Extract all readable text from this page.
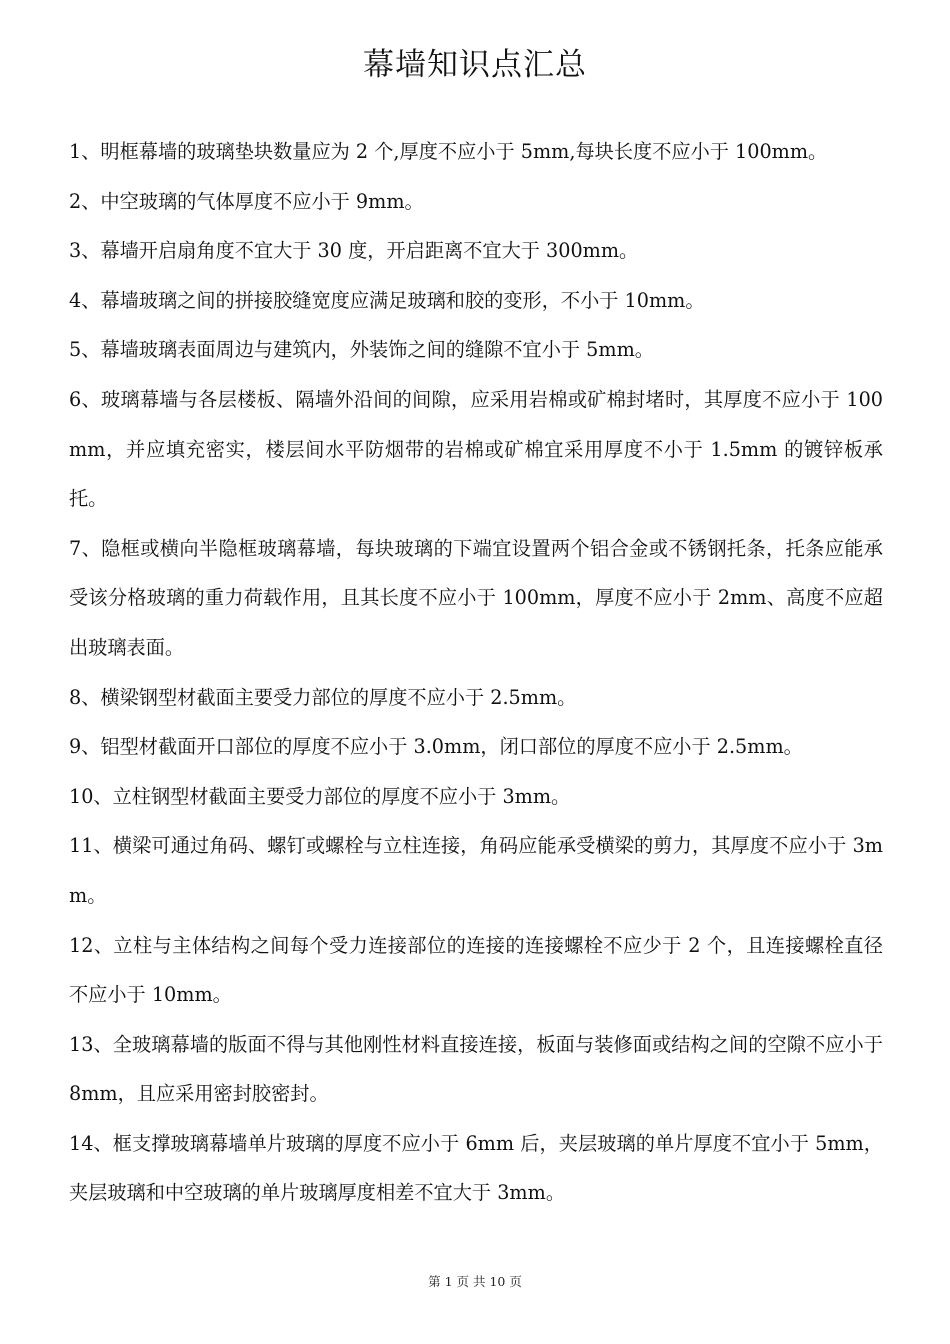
幕墙知识点汇总

1、明框幕墙的玻璃垫块数量应为 2 个,厚度不应小于 5mm,每块长度不应小于 100mm。

2、中空玻璃的气体厚度不应小于 9mm。

3、幕墙开启扇角度不宜大于 30 度，开启距离不宜大于 300mm。

4、幕墙玻璃之间的拼接胶缝宽度应满足玻璃和胶的变形，不小于 10mm。

5、幕墙玻璃表面周边与建筑内，外装饰之间的缝隙不宜小于 5mm。

6、玻璃幕墙与各层楼板、隔墙外沿间的间隙，应采用岩棉或矿棉封堵时，其厚度不应小于 100mm，并应填充密实，楼层间水平防烟带的岩棉或矿棉宜采用厚度不小于 1.5mm 的镀锌板承托。

7、隐框或横向半隐框玻璃幕墙，每块玻璃的下端宜设置两个铝合金或不锈钢托条，托条应能承受该分格玻璃的重力荷载作用，且其长度不应小于 100mm，厚度不应小于 2mm、高度不应超出玻璃表面。

8、横梁钢型材截面主要受力部位的厚度不应小于 2.5mm。

9、铝型材截面开口部位的厚度不应小于 3.0mm，闭口部位的厚度不应小于 2.5mm。

10、立柱钢型材截面主要受力部位的厚度不应小于 3mm。

11、横梁可通过角码、螺钉或螺栓与立柱连接，角码应能承受横梁的剪力，其厚度不应小于 3mm。

12、立柱与主体结构之间每个受力连接部位的连接的连接螺栓不应少于 2 个，且连接螺栓直径不应小于 10mm。

13、全玻璃幕墙的版面不得与其他刚性材料直接连接，板面与装修面或结构之间的空隙不应小于 8mm，且应采用密封胶密封。

14、框支撑玻璃幕墙单片玻璃的厚度不应小于 6mm 后，夹层玻璃的单片厚度不宜小于 5mm，夹层玻璃和中空玻璃的单片玻璃厚度相差不宜大于 3mm。

第 1 页 共 10 页
